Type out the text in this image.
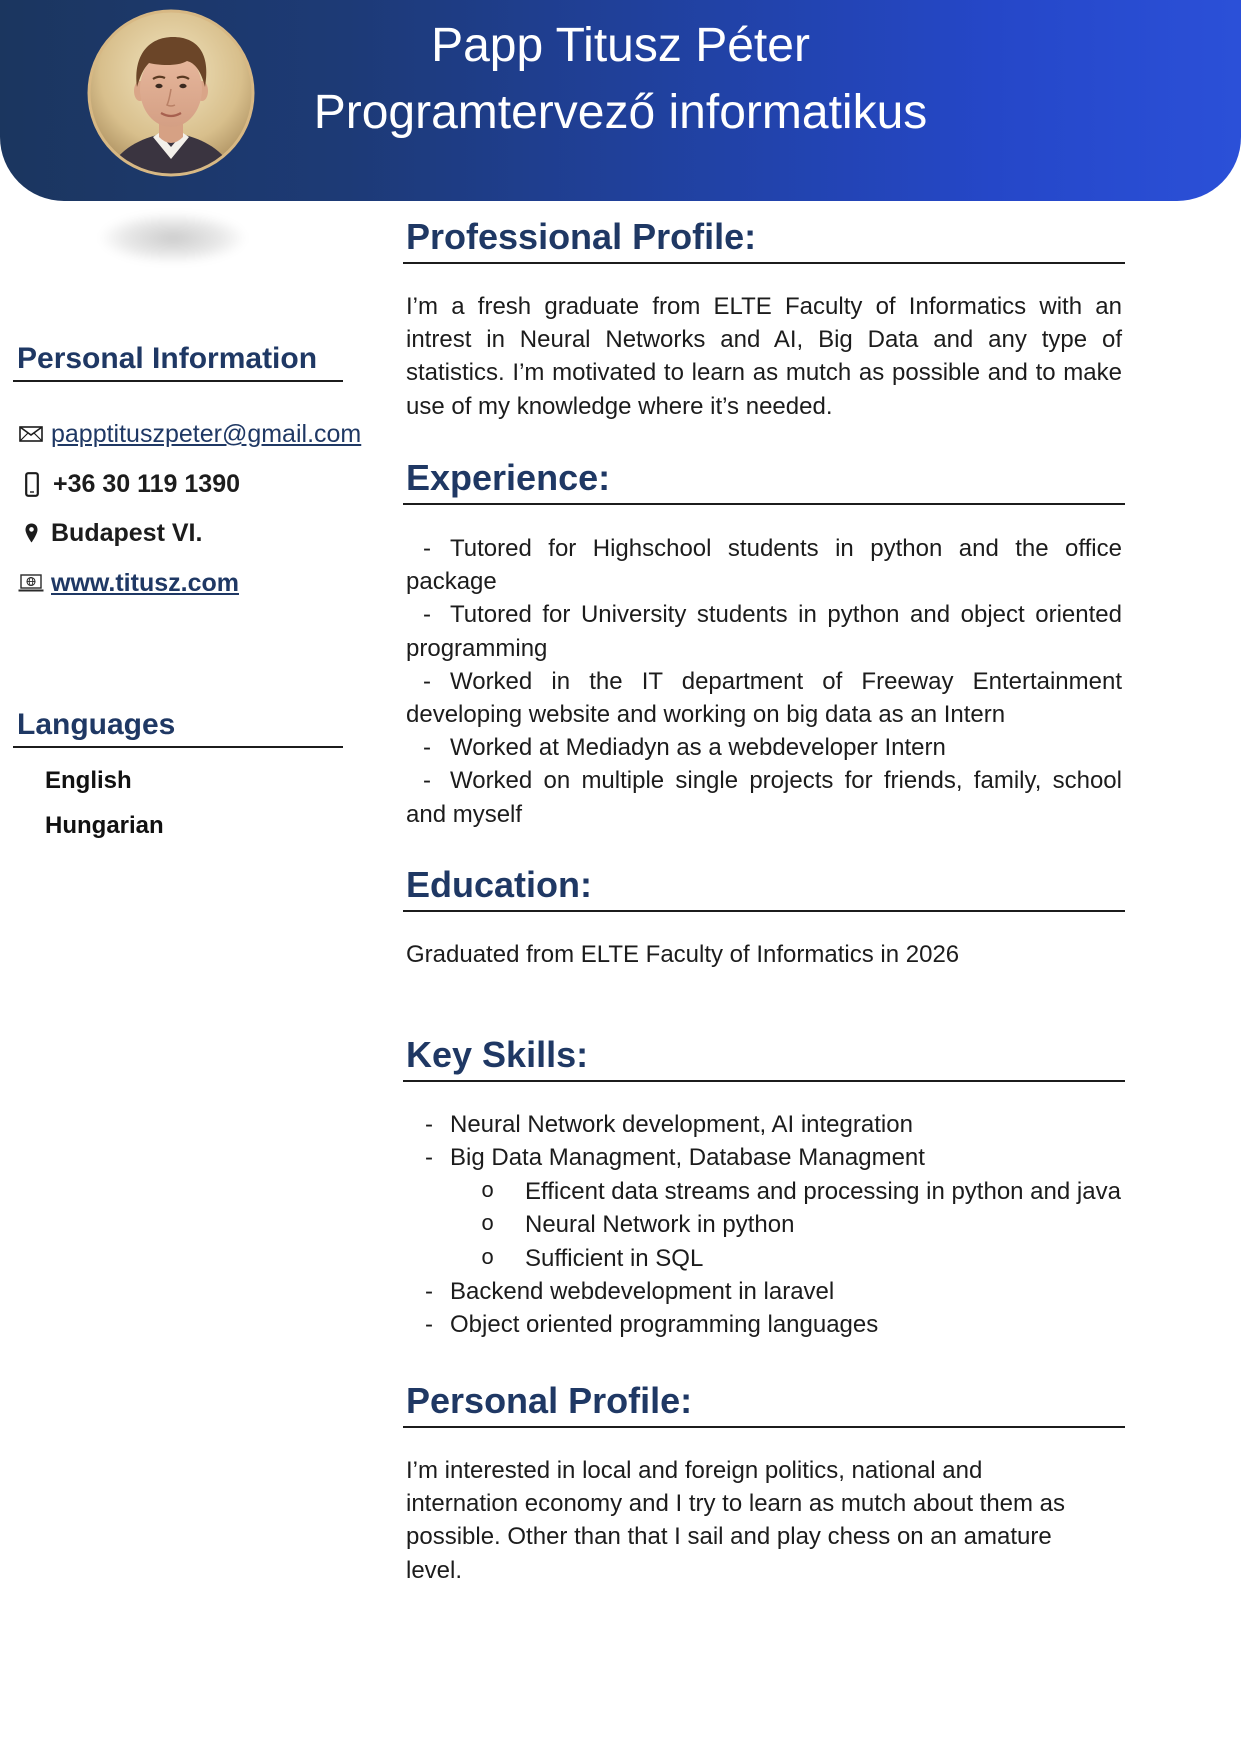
Papp Titusz Péter
Programtervező informatikus
Personal Information
papptituszpeter@gmail.com
+36 30 119 1390
Budapest VI.
www.titusz.com
Languages
English
Hungarian
Professional Profile:
I’m a fresh graduate from ELTE Faculty of Informatics with an intrest in Neural Networks and AI, Big Data and any type of statistics. I’m motivated to learn as mutch as possible and to make use of my knowledge where it’s needed.
Experience:

- Tutored for Highschool students in python and the office package

- Tutored for University students in python and object oriented programming

- Worked in the IT department of Freeway Entertainment developing website and working on big data as an Intern

- Worked at Mediadyn as a webdeveloper Intern

- Worked on multiple single projects for friends, family, school and myself

Education:
Graduated from ELTE Faculty of Informatics in 2026
Key Skills:
- Neural Network development, AI integration
- Big Data Managment, Database Managment
o Efficent data streams and processing in python and java
o Neural Network in python
o Sufficient in SQL
- Backend webdevelopment in laravel
- Object oriented programming languages
Personal Profile:
I’m interested in local and foreign politics, national and internation economy and I try to learn as mutch about them as possible. Other than that I sail and play chess on an amature level.
